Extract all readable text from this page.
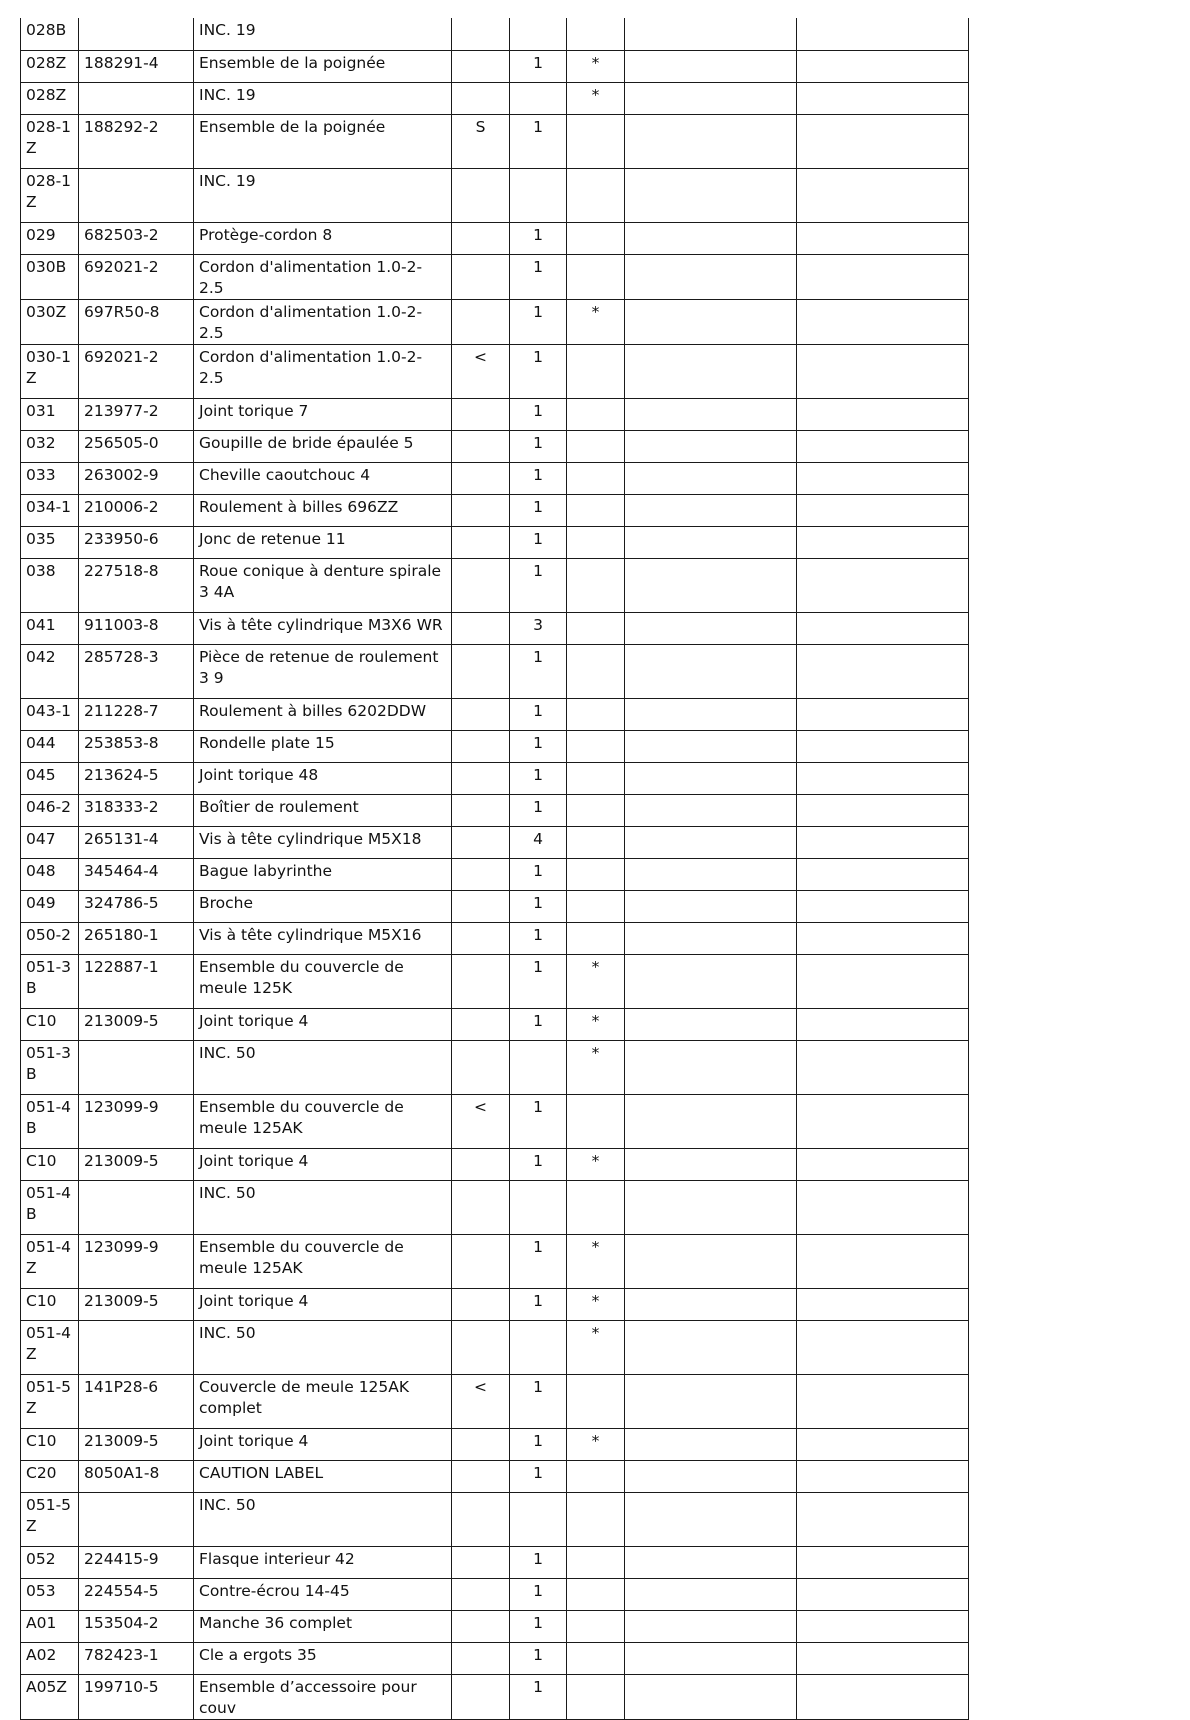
028B		INC. 19					
028Z	188291-4	Ensemble de la poignée		1	*		
028Z		INC. 19			*		
028-1 Z	188292-2	Ensemble de la poignée	S	1			
028-1 Z		INC. 19					
029	682503-2	Protège-cordon 8		1			
030B	692021-2	Cordon d'alimentation 1.0-2-2.5		1			
030Z	697R50-8	Cordon d'alimentation 1.0-2-2.5		1	*		
030-1 Z	692021-2	Cordon d'alimentation 1.0-2-2.5	<	1			
031	213977-2	Joint torique 7		1			
032	256505-0	Goupille de bride épaulée 5		1			
033	263002-9	Cheville caoutchouc 4		1			
034-1	210006-2	Roulement à billes 696ZZ		1			
035	233950-6	Jonc de retenue 11		1			
038	227518-8	Roue conique à denture spirale 3 4A		1			
041	911003-8	Vis à tête cylindrique M3X6 WR		3			
042	285728-3	Pièce de retenue de roulement 3 9		1			
043-1	211228-7	Roulement à billes 6202DDW		1			
044	253853-8	Rondelle plate 15		1			
045	213624-5	Joint torique 48		1			
046-2	318333-2	Boîtier de roulement		1			
047	265131-4	Vis à tête cylindrique M5X18		4			
048	345464-4	Bague labyrinthe		1			
049	324786-5	Broche		1			
050-2	265180-1	Vis à tête cylindrique M5X16		1			
051-3 B	122887-1	Ensemble du couvercle de meule 125K		1	*		
C10	213009-5	Joint torique 4		1	*		
051-3 B		INC. 50			*		
051-4 B	123099-9	Ensemble du couvercle de meule 125AK	<	1			
C10	213009-5	Joint torique 4		1	*		
051-4 B		INC. 50					
051-4 Z	123099-9	Ensemble du couvercle de meule 125AK		1	*		
C10	213009-5	Joint torique 4		1	*		
051-4 Z		INC. 50			*		
051-5 Z	141P28-6	Couvercle de meule 125AK complet	<	1			
C10	213009-5	Joint torique 4		1	*		
C20	8050A1-8	CAUTION LABEL		1			
051-5 Z		INC. 50					
052	224415-9	Flasque interieur 42		1			
053	224554-5	Contre-écrou 14-45		1			
A01	153504-2	Manche 36 complet		1			
A02	782423-1	Cle a ergots 35		1			
A05Z	199710-5	Ensemble d’accessoire pour couv		1			
